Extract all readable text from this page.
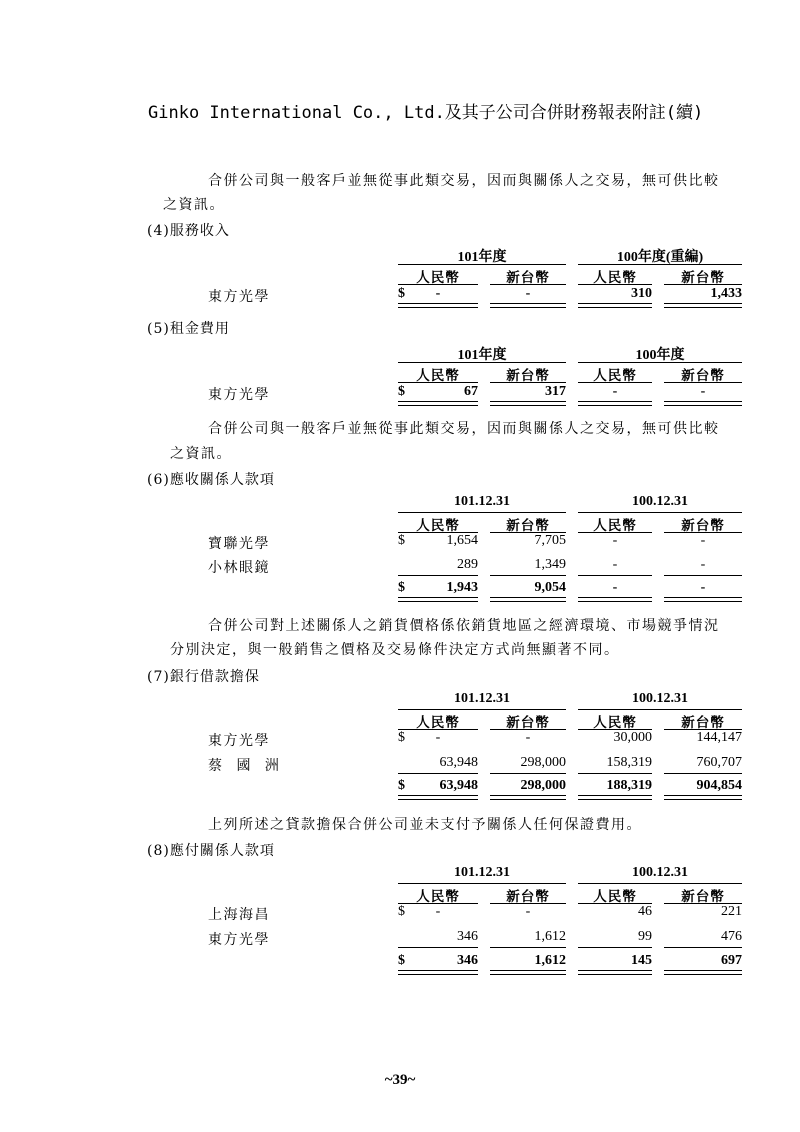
Ginko International Co., Ltd.及其子公司合併財務報表附註(續)
合併公司與一般客戶並無從事此類交易，因而與關係人之交易，無可供比較
之資訊。
(4)服務收入
101年度	100年度(重編)
人民幣	新台幣	人民幣	新台幣
東方光學	$	-	-	310	1,433
(5)租金費用
101年度	100年度
人民幣	新台幣	人民幣	新台幣
東方光學	$	67	317	-	-
合併公司與一般客戶並無從事此類交易，因而與關係人之交易，無可供比較
之資訊。
(6)應收關係人款項
101.12.31	100.12.31
人民幣	新台幣	人民幣	新台幣
寶聯光學	$	1,654	7,705	-	-
小林眼鏡	289	1,349	-	-
$	1,943	9,054	-	-
合併公司對上述關係人之銷貨價格係依銷貨地區之經濟環境、市場競爭情況
分別決定，與一般銷售之價格及交易條件決定方式尚無顯著不同。
(7)銀行借款擔保
101.12.31	100.12.31
人民幣	新台幣	人民幣	新台幣
東方光學	$	-	-	30,000	144,147
蔡 國 洲	63,948	298,000	158,319	760,707
$	63,948	298,000	188,319	904,854
上列所述之貸款擔保合併公司並未支付予關係人任何保證費用。
(8)應付關係人款項
101.12.31	100.12.31
人民幣	新台幣	人民幣	新台幣
上海海昌	$	-	-	46	221
東方光學	346	1,612	99	476
$	346	1,612	145	697
~39~
